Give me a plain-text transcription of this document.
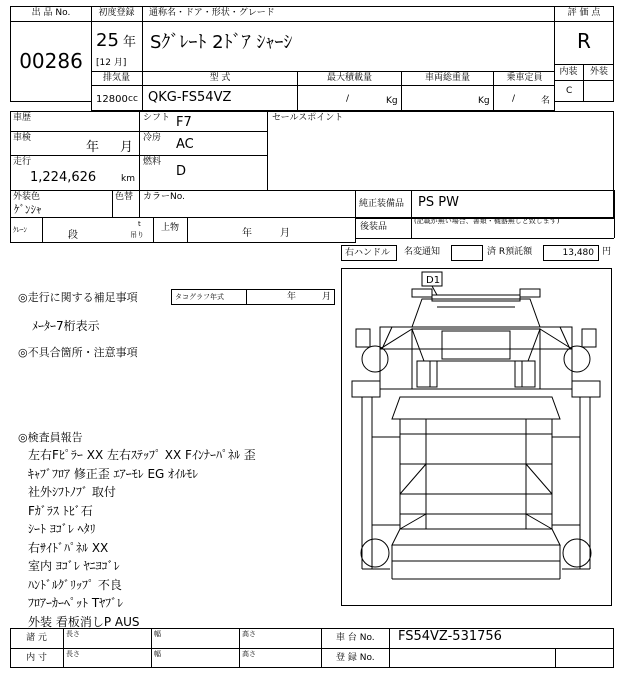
出 品 No.
00286
初度登録	通称名・ドア・形状・グレード
25 年
[12 月]
Sｸﾞﾚｰﾄ 2ﾄﾞｱ ｼｬｰｼ
評 価 点
R
内装	外装
C
排気量	型 式	最大積載量	車両総重量	乗車定員
12800 cc QKG-FS54VZ	/	Kg	Kg /	名
車歴
車検
年 月
走行
1,224,626	km
シフト F7
冷房 AC
燃料
D
セールスポイント
外装色
ｹﾞﾝｼｬ
色替 カラーNo.
純正装備品	PS PW
ｸﾚｰﾝ	段
t
吊り
上物	年	月
後装品
(記載が無い場合、書類・機器無しと致します)
右ハンドル	名変通知	済 R預託額	13,480 円
◎走行に関する補足事項	タコグラフ年式	年	月
ﾒｰﾀｰ7桁表示
◎不具合箇所・注意事項
◎検査員報告
左右Fﾋﾟﾗｰ XX 左右ｽﾃｯﾌﾟ XX Fｲﾝﾅｰﾊﾟﾈﾙ 歪
ｷｬﾌﾞﾌﾛｱ 修正歪 ｴｱｰﾓﾚ EG ｵｲﾙﾓﾚ
社外ｼﾌﾄﾉﾌﾞ 取付
Fｶﾞﾗｽ ﾄﾋﾞ石
ｼｰﾄ ﾖｺﾞﾚ ﾍﾀﾘ
右ｻｲﾄﾞﾊﾟﾈﾙ XX
室内 ﾖｺﾞﾚ ﾔﾆﾖｺﾞﾚ
ﾊﾝﾄﾞﾙｸﾞﾘｯﾌﾟ 不良
ﾌﾛｱｰｶｰﾍﾟｯﾄ Tﾔﾌﾞﾚ
外装 看板消しP AUS
D1
諸 元
内 寸
長さ	幅	高さ
長さ	幅	高さ
車 台 No.	FS54VZ-531756
登 録 No.
